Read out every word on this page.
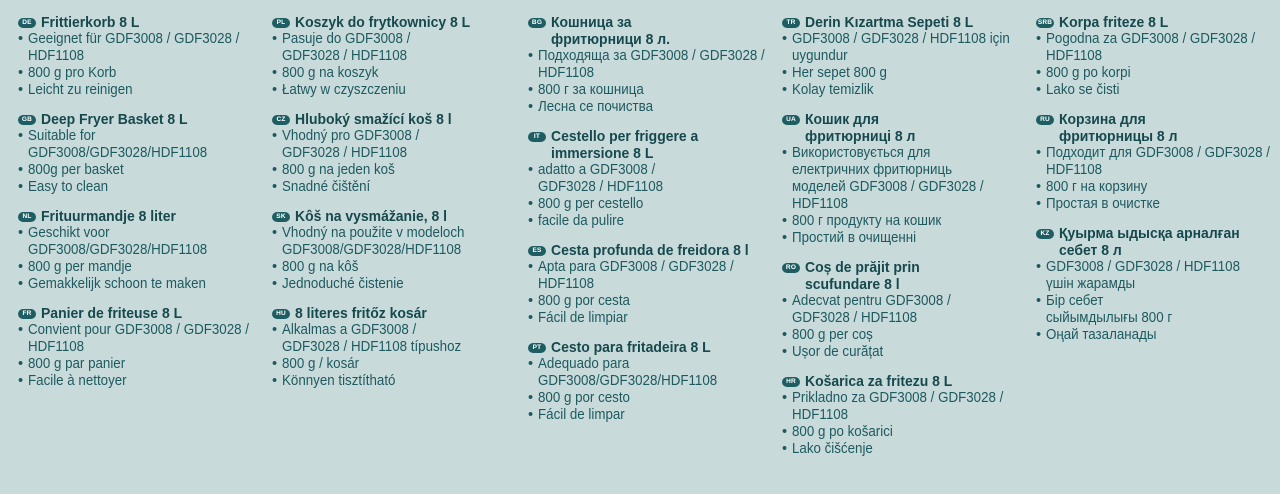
DE Frittierkorb 8 L
• Geeignet für GDF3008 / GDF3028 /
HDF1108
• 800 g pro Korb
• Leicht zu reinigen
GB Deep Fryer Basket 8 L
• Suitable for
GDF3008/GDF3028/HDF1108
• 800g per basket
• Easy to clean
NL Frituurmandje 8 liter
• Geschikt voor
GDF3008/GDF3028/HDF1108
• 800 g per mandje
• Gemakkelijk schoon te maken
FR Panier de friteuse 8 L
• Convient pour GDF3008 / GDF3028 /
HDF1108
• 800 g par panier
• Facile à nettoyer
PL Koszyk do frytkownicy 8 L
• Pasuje do GDF3008 /
GDF3028 / HDF1108
• 800 g na koszyk
• Łatwy w czyszczeniu
CZ Hluboký smažící koš 8 l
• Vhodný pro GDF3008 /
GDF3028 / HDF1108
• 800 g na jeden koš
• Snadné čištění
SK Kôš na vysmážanie, 8 l
• Vhodný na použite v modeloch
GDF3008/GDF3028/HDF1108
• 800 g na kôš
• Jednoduché čistenie
HU 8 literes fritőz kosár
• Alkalmas a GDF3008 /
GDF3028 / HDF1108 típushoz
• 800 g / kosár
• Könnyen tisztítható
BG Кошница за
фритюрници 8 л.
• Подходяща за GDF3008 / GDF3028 /
HDF1108
• 800 г за кошница
• Лесна се почиства
IT Cestello per friggere a
immersione 8 L
• adatto a GDF3008 /
GDF3028 / HDF1108
• 800 g per cestello
• facile da pulire
ES Cesta profunda de freidora 8 l
• Apta para GDF3008 / GDF3028 /
HDF1108
• 800 g por cesta
• Fácil de limpiar
PT Cesto para fritadeira 8 L
• Adequado para
GDF3008/GDF3028/HDF1108
• 800 g por cesto
• Fácil de limpar
TR Derin Kızartma Sepeti 8 L
• GDF3008 / GDF3028 / HDF1108 için
uygundur
• Her sepet 800 g
• Kolay temizlik
UA Кошик для
фритюрниці 8 л
• Використовується для
електричних фритюрниць
моделей GDF3008 / GDF3028 /
HDF1108
• 800 г продукту на кошик
• Простий в очищенні
RO Coș de prăjit prin
scufundare 8 l
• Adecvat pentru GDF3008 /
GDF3028 / HDF1108
• 800 g per coș
• Ușor de curățat
HR Košarica za fritezu 8 L
• Prikladno za GDF3008 / GDF3028 /
HDF1108
• 800 g po košarici
• Lako čišćenje
SRB Korpa friteze 8 L
• Pogodna za GDF3008 / GDF3028 /
HDF1108
• 800 g po korpi
• Lako se čisti
RU Корзина для
фритюрницы 8 л
• Подходит для GDF3008 / GDF3028 /
HDF1108
• 800 г на корзину
• Простая в очистке
KZ Қуырма ыдысқа арналған
себет 8 л
• GDF3008 / GDF3028 / HDF1108
үшін жарамды
• Бір себет
сыйымдылығы 800 г
• Оңай тазаланады
